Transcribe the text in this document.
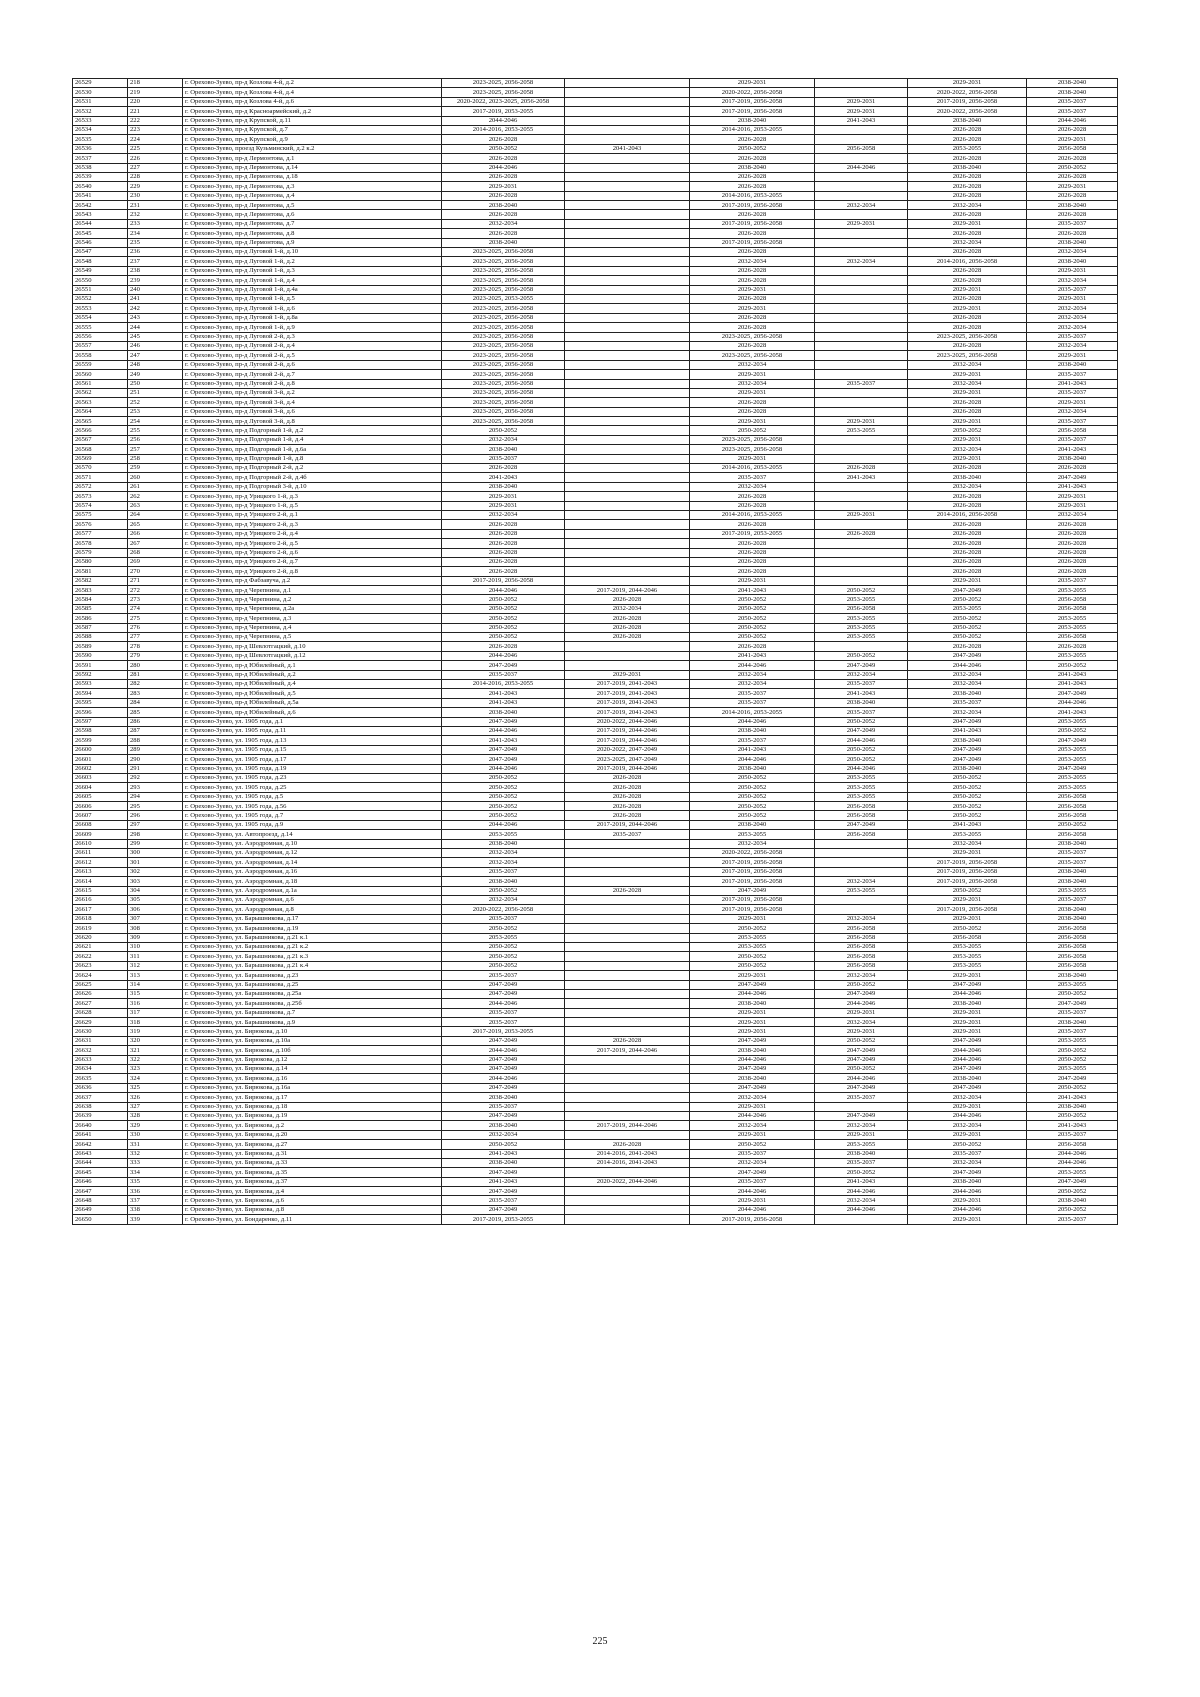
26529	218	г. Орехово-Зуево, пр-д Козлова 4-й, д.2	2023-2025, 2056-2058		2029-2031		2029-2031	2038-2040
26530	219	г. Орехово-Зуево, пр-д Козлова 4-й, д.4	2023-2025, 2056-2058		2020-2022, 2056-2058		2020-2022, 2056-2058	2038-2040
26531	220	г. Орехово-Зуево, пр-д Козлова 4-й, д.6	2020-2022, 2023-2025, 2056-2058		2017-2019, 2056-2058	2029-2031	2017-2019, 2056-2058	2035-2037
26532	221	г. Орехово-Зуево, пр-д Красноармейский, д.2	2017-2019, 2053-2055		2017-2019, 2056-2058	2029-2031	2020-2022, 2056-2058	2035-2037
26533	222	г. Орехово-Зуево, пр-д Крупской, д.11	2044-2046		2038-2040	2041-2043	2038-2040	2044-2046
26534	223	г. Орехово-Зуево, пр-д Крупской, д.7	2014-2016, 2053-2055		2014-2016, 2053-2055		2026-2028	2026-2028
26535	224	г. Орехово-Зуево, пр-д Крупской, д.9	2026-2028		2026-2028		2026-2028	2029-2031
26536	225	г. Орехово-Зуево, проезд Кузьминский, д.2 к.2	2050-2052	2041-2043	2050-2052	2056-2058	2053-2055	2056-2058
26537	226	г. Орехово-Зуево, пр-д Лермонтова, д.1	2026-2028		2026-2028		2026-2028	2026-2028
26538	227	г. Орехово-Зуево, пр-д Лермонтова, д.14	2044-2046		2038-2040	2044-2046	2038-2040	2050-2052
26539	228	г. Орехово-Зуево, пр-д Лермонтова, д.18	2026-2028		2026-2028		2026-2028	2026-2028
26540	229	г. Орехово-Зуево, пр-д Лермонтова, д.3	2029-2031		2026-2028		2026-2028	2029-2031
26541	230	г. Орехово-Зуево, пр-д Лермонтова, д.4	2026-2028		2014-2016, 2053-2055		2026-2028	2026-2028
26542	231	г. Орехово-Зуево, пр-д Лермонтова, д.5	2038-2040		2017-2019, 2056-2058	2032-2034	2032-2034	2038-2040
26543	232	г. Орехово-Зуево, пр-д Лермонтова, д.6	2026-2028		2026-2028		2026-2028	2026-2028
26544	233	г. Орехово-Зуево, пр-д Лермонтова, д.7	2032-2034		2017-2019, 2056-2058	2029-2031	2029-2031	2035-2037
26545	234	г. Орехово-Зуево, пр-д Лермонтова, д.8	2026-2028		2026-2028		2026-2028	2026-2028
26546	235	г. Орехово-Зуево, пр-д Лермонтова, д.9	2038-2040		2017-2019, 2056-2058		2032-2034	2038-2040
26547	236	г. Орехово-Зуево, пр-д Луговой 1-й, д.10	2023-2025, 2056-2058		2026-2028		2026-2028	2032-2034
26548	237	г. Орехово-Зуево, пр-д Луговой 1-й, д.2	2023-2025, 2056-2058		2032-2034	2032-2034	2014-2016, 2056-2058	2038-2040
26549	238	г. Орехово-Зуево, пр-д Луговой 1-й, д.3	2023-2025, 2056-2058		2026-2028		2026-2028	2029-2031
26550	239	г. Орехово-Зуево, пр-д Луговой 1-й, д.4	2023-2025, 2056-2058		2026-2028		2026-2028	2032-2034
26551	240	г. Орехово-Зуево, пр-д Луговой 1-й, д.4а	2023-2025, 2056-2058		2029-2031		2029-2031	2035-2037
26552	241	г. Орехово-Зуево, пр-д Луговой 1-й, д.5	2023-2025, 2053-2055		2026-2028		2026-2028	2029-2031
26553	242	г. Орехово-Зуево, пр-д Луговой 1-й, д.6	2023-2025, 2056-2058		2029-2031		2029-2031	2032-2034
26554	243	г. Орехово-Зуево, пр-д Луговой 1-й, д.8а	2023-2025, 2056-2058		2026-2028		2026-2028	2032-2034
26555	244	г. Орехово-Зуево, пр-д Луговой 1-й, д.9	2023-2025, 2056-2058		2026-2028		2026-2028	2032-2034
26556	245	г. Орехово-Зуево, пр-д Луговой 2-й, д.3	2023-2025, 2056-2058		2023-2025, 2056-2058		2023-2025, 2056-2058	2035-2037
26557	246	г. Орехово-Зуево, пр-д Луговой 2-й, д.4	2023-2025, 2056-2058		2026-2028		2026-2028	2032-2034
26558	247	г. Орехово-Зуево, пр-д Луговой 2-й, д.5	2023-2025, 2056-2058		2023-2025, 2056-2058		2023-2025, 2056-2058	2029-2031
26559	248	г. Орехово-Зуево, пр-д Луговой 2-й, д.6	2023-2025, 2056-2058		2032-2034		2032-2034	2038-2040
26560	249	г. Орехово-Зуево, пр-д Луговой 2-й, д.7	2023-2025, 2056-2058		2029-2031		2029-2031	2035-2037
26561	250	г. Орехово-Зуево, пр-д Луговой 2-й, д.8	2023-2025, 2056-2058		2032-2034	2035-2037	2032-2034	2041-2043
26562	251	г. Орехово-Зуево, пр-д Луговой 3-й, д.2	2023-2025, 2056-2058		2029-2031		2029-2031	2035-2037
26563	252	г. Орехово-Зуево, пр-д Луговой 3-й, д.4	2023-2025, 2056-2058		2026-2028		2026-2028	2029-2031
26564	253	г. Орехово-Зуево, пр-д Луговой 3-й, д.6	2023-2025, 2056-2058		2026-2028		2026-2028	2032-2034
26565	254	г. Орехово-Зуево, пр-д Луговой 3-й, д.8	2023-2025, 2056-2058		2029-2031	2029-2031	2029-2031	2035-2037
26566	255	г. Орехово-Зуево, пр-д Подгорный 1-й, д.2	2050-2052		2050-2052	2053-2055	2050-2052	2056-2058
26567	256	г. Орехово-Зуево, пр-д Подгорный 1-й, д.4	2032-2034		2023-2025, 2056-2058		2029-2031	2035-2037
26568	257	г. Орехово-Зуево, пр-д Подгорный 1-й, д.6а	2038-2040		2023-2025, 2056-2058		2032-2034	2041-2043
26569	258	г. Орехово-Зуево, пр-д Подгорный 1-й, д.8	2035-2037		2029-2031		2029-2031	2038-2040
26570	259	г. Орехово-Зуево, пр-д Подгорный 2-й, д.2	2026-2028		2014-2016, 2053-2055	2026-2028	2026-2028	2026-2028
26571	260	г. Орехово-Зуево, пр-д Подгорный 2-й, д.4б	2041-2043		2035-2037	2041-2043	2038-2040	2047-2049
26572	261	г. Орехово-Зуево, пр-д Подгорный 3-й, д.10	2038-2040		2032-2034		2032-2034	2041-2043
26573	262	г. Орехово-Зуево, пр-д Урицкого 1-й, д.3	2029-2031		2026-2028		2026-2028	2029-2031
26574	263	г. Орехово-Зуево, пр-д Урицкого 1-й, д.5	2029-2031		2026-2028		2026-2028	2029-2031
26575	264	г. Орехово-Зуево, пр-д Урицкого 2-й, д.1	2032-2034		2014-2016, 2053-2055	2029-2031	2014-2016, 2056-2058	2032-2034
26576	265	г. Орехово-Зуево, пр-д Урицкого 2-й, д.3	2026-2028		2026-2028		2026-2028	2026-2028
26577	266	г. Орехово-Зуево, пр-д Урицкого 2-й, д.4	2026-2028		2017-2019, 2053-2055	2026-2028	2026-2028	2026-2028
26578	267	г. Орехово-Зуево, пр-д Урицкого 2-й, д.5	2026-2028		2026-2028		2026-2028	2026-2028
26579	268	г. Орехово-Зуево, пр-д Урицкого 2-й, д.6	2026-2028		2026-2028		2026-2028	2026-2028
26580	269	г. Орехово-Зуево, пр-д Урицкого 2-й, д.7	2026-2028		2026-2028		2026-2028	2026-2028
26581	270	г. Орехово-Зуево, пр-д Урицкого 2-й, д.8	2026-2028		2026-2028		2026-2028	2026-2028
26582	271	г. Орехово-Зуево, пр-д Фабзавуча, д.2	2017-2019, 2056-2058		2029-2031		2029-2031	2035-2037
26583	272	г. Орехово-Зуево, пр-д Черепнина, д.1	2044-2046	2017-2019, 2044-2046	2041-2043	2050-2052	2047-2049	2053-2055
26584	273	г. Орехово-Зуево, пр-д Черепнина, д.2	2050-2052	2026-2028	2050-2052	2053-2055	2050-2052	2056-2058
26585	274	г. Орехово-Зуево, пр-д Черепнина, д.2а	2050-2052	2032-2034	2050-2052	2056-2058	2053-2055	2056-2058
26586	275	г. Орехово-Зуево, пр-д Черепнина, д.3	2050-2052	2026-2028	2050-2052	2053-2055	2050-2052	2053-2055
26587	276	г. Орехово-Зуево, пр-д Черепнина, д.4	2050-2052	2026-2028	2050-2052	2053-2055	2050-2052	2053-2055
26588	277	г. Орехово-Зуево, пр-д Черепнина, д.5	2050-2052	2026-2028	2050-2052	2053-2055	2050-2052	2056-2058
26589	278	г. Орехово-Зуево, пр-д Шевлотгацкий, д.10	2026-2028		2026-2028		2026-2028	2026-2028
26590	279	г. Орехово-Зуево, пр-д Шевлотгацкий, д.12	2044-2046		2041-2043	2050-2052	2047-2049	2053-2055
26591	280	г. Орехово-Зуево, пр-д Юбилейный, д.1	2047-2049		2044-2046	2047-2049	2044-2046	2050-2052
26592	281	г. Орехово-Зуево, пр-д Юбилейный, д.2	2035-2037	2029-2031	2032-2034	2032-2034	2032-2034	2041-2043
26593	282	г. Орехово-Зуево, пр-д Юбилейный, д.4	2014-2016, 2053-2055	2017-2019, 2041-2043	2032-2034	2035-2037	2032-2034	2041-2043
26594	283	г. Орехово-Зуево, пр-д Юбилейный, д.5	2041-2043	2017-2019, 2041-2043	2035-2037	2041-2043	2038-2040	2047-2049
26595	284	г. Орехово-Зуево, пр-д Юбилейный, д.5а	2041-2043	2017-2019, 2041-2043	2035-2037	2038-2040	2035-2037	2044-2046
26596	285	г. Орехово-Зуево, пр-д Юбилейный, д.6	2038-2040	2017-2019, 2041-2043	2014-2016, 2053-2055	2035-2037	2032-2034	2041-2043
26597	286	г. Орехово-Зуево, ул. 1905 года, д.1	2047-2049	2020-2022, 2044-2046	2044-2046	2050-2052	2047-2049	2053-2055
26598	287	г. Орехово-Зуево, ул. 1905 года, д.11	2044-2046	2017-2019, 2044-2046	2038-2040	2047-2049	2041-2043	2050-2052
26599	288	г. Орехово-Зуево, ул. 1905 года, д.13	2041-2043	2017-2019, 2044-2046	2035-2037	2044-2046	2038-2040	2047-2049
26600	289	г. Орехово-Зуево, ул. 1905 года, д.15	2047-2049	2020-2022, 2047-2049	2041-2043	2050-2052	2047-2049	2053-2055
26601	290	г. Орехово-Зуево, ул. 1905 года, д.17	2047-2049	2023-2025, 2047-2049	2044-2046	2050-2052	2047-2049	2053-2055
26602	291	г. Орехово-Зуево, ул. 1905 года, д.19	2044-2046	2017-2019, 2044-2046	2038-2040	2044-2046	2038-2040	2047-2049
26603	292	г. Орехово-Зуево, ул. 1905 года, д.23	2050-2052	2026-2028	2050-2052	2053-2055	2050-2052	2053-2055
26604	293	г. Орехово-Зуево, ул. 1905 года, д.25	2050-2052	2026-2028	2050-2052	2053-2055	2050-2052	2053-2055
26605	294	г. Орехово-Зуево, ул. 1905 года, д.5	2050-2052	2026-2028	2050-2052	2053-2055	2050-2052	2056-2058
26606	295	г. Орехово-Зуево, ул. 1905 года, д.56	2050-2052	2026-2028	2050-2052	2056-2058	2050-2052	2056-2058
26607	296	г. Орехово-Зуево, ул. 1905 года, д.7	2050-2052	2026-2028	2050-2052	2056-2058	2050-2052	2056-2058
26608	297	г. Орехово-Зуево, ул. 1905 года, д.9	2044-2046	2017-2019, 2044-2046	2038-2040	2047-2049	2041-2043	2050-2052
26609	298	г. Орехово-Зуево, ул. Автопроезд, д.14	2053-2055	2035-2037	2053-2055	2056-2058	2053-2055	2056-2058
26610	299	г. Орехово-Зуево, ул. Аэродромная, д.10	2038-2040		2032-2034		2032-2034	2038-2040
26611	300	г. Орехово-Зуево, ул. Аэродромная, д.12	2032-2034		2020-2022, 2056-2058		2029-2031	2035-2037
26612	301	г. Орехово-Зуево, ул. Аэродромная, д.14	2032-2034		2017-2019, 2056-2058		2017-2019, 2056-2058	2035-2037
26613	302	г. Орехово-Зуево, ул. Аэродромная, д.16	2035-2037		2017-2019, 2056-2058		2017-2019, 2056-2058	2038-2040
26614	303	г. Орехово-Зуево, ул. Аэродромная, д.18	2038-2040		2017-2019, 2056-2058	2032-2034	2017-2019, 2056-2058	2038-2040
26615	304	г. Орехово-Зуево, ул. Аэродромная, д.1а	2050-2052	2026-2028	2047-2049	2053-2055	2050-2052	2053-2055
26616	305	г. Орехово-Зуево, ул. Аэродромная, д.6	2032-2034		2017-2019, 2056-2058		2029-2031	2035-2037
26617	306	г. Орехово-Зуево, ул. Аэродромная, д.8	2020-2022, 2056-2058		2017-2019, 2056-2058		2017-2019, 2056-2058	2038-2040
26618	307	г. Орехово-Зуево, ул. Барышникова, д.17	2035-2037		2029-2031	2032-2034	2029-2031	2038-2040
26619	308	г. Орехово-Зуево, ул. Барышникова, д.19	2050-2052		2050-2052	2056-2058	2050-2052	2056-2058
26620	309	г. Орехово-Зуево, ул. Барышникова, д.21 к.1	2053-2055		2053-2055	2056-2058	2056-2058	2056-2058
26621	310	г. Орехово-Зуево, ул. Барышникова, д.21 к.2	2050-2052		2053-2055	2056-2058	2053-2055	2056-2058
26622	311	г. Орехово-Зуево, ул. Барышникова, д.21 к.3	2050-2052		2050-2052	2056-2058	2053-2055	2056-2058
26623	312	г. Орехово-Зуево, ул. Барышникова, д.21 к.4	2050-2052		2050-2052	2056-2058	2053-2055	2056-2058
26624	313	г. Орехово-Зуево, ул. Барышникова, д.23	2035-2037		2029-2031	2032-2034	2029-2031	2038-2040
26625	314	г. Орехово-Зуево, ул. Барышникова, д.25	2047-2049		2047-2049	2050-2052	2047-2049	2053-2055
26626	315	г. Орехово-Зуево, ул. Барышникова, д.25а	2047-2049		2044-2046	2047-2049	2044-2046	2050-2052
26627	316	г. Орехово-Зуево, ул. Барышникова, д.25б	2044-2046		2038-2040	2044-2046	2038-2040	2047-2049
26628	317	г. Орехово-Зуево, ул. Барышникова, д.7	2035-2037		2029-2031	2029-2031	2029-2031	2035-2037
26629	318	г. Орехово-Зуево, ул. Барышникова, д.9	2035-2037		2029-2031	2032-2034	2029-2031	2038-2040
26630	319	г. Орехово-Зуево, ул. Бирюкова, д.10	2017-2019, 2053-2055		2029-2031	2029-2031	2029-2031	2035-2037
26631	320	г. Орехово-Зуево, ул. Бирюкова, д.10а	2047-2049	2026-2028	2047-2049	2050-2052	2047-2049	2053-2055
26632	321	г. Орехово-Зуево, ул. Бирюкова, д.10б	2044-2046	2017-2019, 2044-2046	2038-2040	2047-2049	2044-2046	2050-2052
26633	322	г. Орехово-Зуево, ул. Бирюкова, д.12	2047-2049		2044-2046	2047-2049	2044-2046	2050-2052
26634	323	г. Орехово-Зуево, ул. Бирюкова, д.14	2047-2049		2047-2049	2050-2052	2047-2049	2053-2055
26635	324	г. Орехово-Зуево, ул. Бирюкова, д.16	2044-2046		2038-2040	2044-2046	2038-2040	2047-2049
26636	325	г. Орехово-Зуево, ул. Бирюкова, д.16а	2047-2049		2047-2049	2047-2049	2047-2049	2050-2052
26637	326	г. Орехово-Зуево, ул. Бирюкова, д.17	2038-2040		2032-2034	2035-2037	2032-2034	2041-2043
26638	327	г. Орехово-Зуево, ул. Бирюкова, д.18	2035-2037		2029-2031		2029-2031	2038-2040
26639	328	г. Орехово-Зуево, ул. Бирюкова, д.19	2047-2049		2044-2046	2047-2049	2044-2046	2050-2052
26640	329	г. Орехово-Зуево, ул. Бирюкова, д.2	2038-2040	2017-2019, 2044-2046	2032-2034	2032-2034	2032-2034	2041-2043
26641	330	г. Орехово-Зуево, ул. Бирюкова, д.20	2032-2034		2029-2031	2029-2031	2029-2031	2035-2037
26642	331	г. Орехово-Зуево, ул. Бирюкова, д.27	2050-2052	2026-2028	2050-2052	2053-2055	2050-2052	2056-2058
26643	332	г. Орехово-Зуево, ул. Бирюкова, д.31	2041-2043	2014-2016, 2041-2043	2035-2037	2038-2040	2035-2037	2044-2046
26644	333	г. Орехово-Зуево, ул. Бирюкова, д.33	2038-2040	2014-2016, 2041-2043	2032-2034	2035-2037	2032-2034	2044-2046
26645	334	г. Орехово-Зуево, ул. Бирюкова, д.35	2047-2049		2047-2049	2050-2052	2047-2049	2053-2055
26646	335	г. Орехово-Зуево, ул. Бирюкова, д.37	2041-2043	2020-2022, 2044-2046	2035-2037	2041-2043	2038-2040	2047-2049
26647	336	г. Орехово-Зуево, ул. Бирюкова, д.4	2047-2049		2044-2046	2044-2046	2044-2046	2050-2052
26648	337	г. Орехово-Зуево, ул. Бирюкова, д.6	2035-2037		2029-2031	2032-2034	2029-2031	2038-2040
26649	338	г. Орехово-Зуево, ул. Бирюкова, д.8	2047-2049		2044-2046	2044-2046	2044-2046	2050-2052
26650	339	г. Орехово-Зуево, ул. Бондаренко, д.11	2017-2019, 2053-2055		2017-2019, 2056-2058		2029-2031	2035-2037
225
